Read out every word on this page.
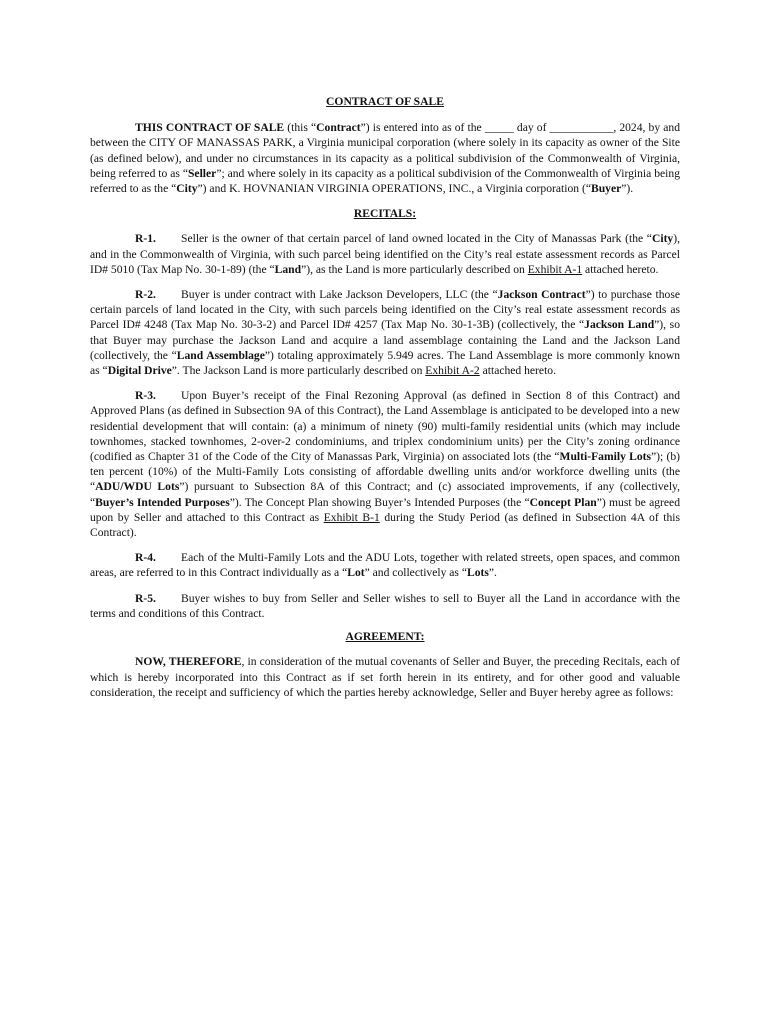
CONTRACT OF SALE

THIS CONTRACT OF SALE (this “Contract”) is entered into as of the _____ day of ___________, 2024, by and between the CITY OF MANASSAS PARK, a Virginia municipal corporation (where solely in its capacity as owner of the Site (as defined below), and under no circumstances in its capacity as a political subdivision of the Commonwealth of Virginia, being referred to as “Seller”; and where solely in its capacity as a political subdivision of the Commonwealth of Virginia being referred to as the “City”) and K. HOVNANIAN VIRGINIA OPERATIONS, INC., a Virginia corporation (“Buyer”).

RECITALS:

R-1. Seller is the owner of that certain parcel of land owned located in the City of Manassas Park (the “City), and in the Commonwealth of Virginia, with such parcel being identified on the City’s real estate assessment records as Parcel ID# 5010 (Tax Map No. 30-1-89) (the “Land”), as the Land is more particularly described on Exhibit A-1 attached hereto.

R-2. Buyer is under contract with Lake Jackson Developers, LLC (the “Jackson Contract”) to purchase those certain parcels of land located in the City, with such parcels being identified on the City’s real estate assessment records as Parcel ID# 4248 (Tax Map No. 30-3-2) and Parcel ID# 4257 (Tax Map No. 30-1-3B) (collectively, the “Jackson Land”), so that Buyer may purchase the Jackson Land and acquire a land assemblage containing the Land and the Jackson Land (collectively, the “Land Assemblage”) totaling approximately 5.949 acres. The Land Assemblage is more commonly known as “Digital Drive”. The Jackson Land is more particularly described on Exhibit A-2 attached hereto.

R-3. Upon Buyer’s receipt of the Final Rezoning Approval (as defined in Section 8 of this Contract) and Approved Plans (as defined in Subsection 9A of this Contract), the Land Assemblage is anticipated to be developed into a new residential development that will contain: (a) a minimum of ninety (90) multi-family residential units (which may include townhomes, stacked townhomes, 2-over-2 condominiums, and triplex condominium units) per the City’s zoning ordinance (codified as Chapter 31 of the Code of the City of Manassas Park, Virginia) on associated lots (the “Multi-Family Lots”); (b) ten percent (10%) of the Multi-Family Lots consisting of affordable dwelling units and/or workforce dwelling units (the “ADU/WDU Lots”) pursuant to Subsection 8A of this Contract; and (c) associated improvements, if any (collectively, “Buyer’s Intended Purposes”). The Concept Plan showing Buyer’s Intended Purposes (the “Concept Plan”) must be agreed upon by Seller and attached to this Contract as Exhibit B-1 during the Study Period (as defined in Subsection 4A of this Contract).

R-4. Each of the Multi-Family Lots and the ADU Lots, together with related streets, open spaces, and common areas, are referred to in this Contract individually as a “Lot” and collectively as “Lots”.

R-5. Buyer wishes to buy from Seller and Seller wishes to sell to Buyer all the Land in accordance with the terms and conditions of this Contract.

AGREEMENT:

NOW, THEREFORE, in consideration of the mutual covenants of Seller and Buyer, the preceding Recitals, each of which is hereby incorporated into this Contract as if set forth herein in its entirety, and for other good and valuable consideration, the receipt and sufficiency of which the parties hereby acknowledge, Seller and Buyer hereby agree as follows:
